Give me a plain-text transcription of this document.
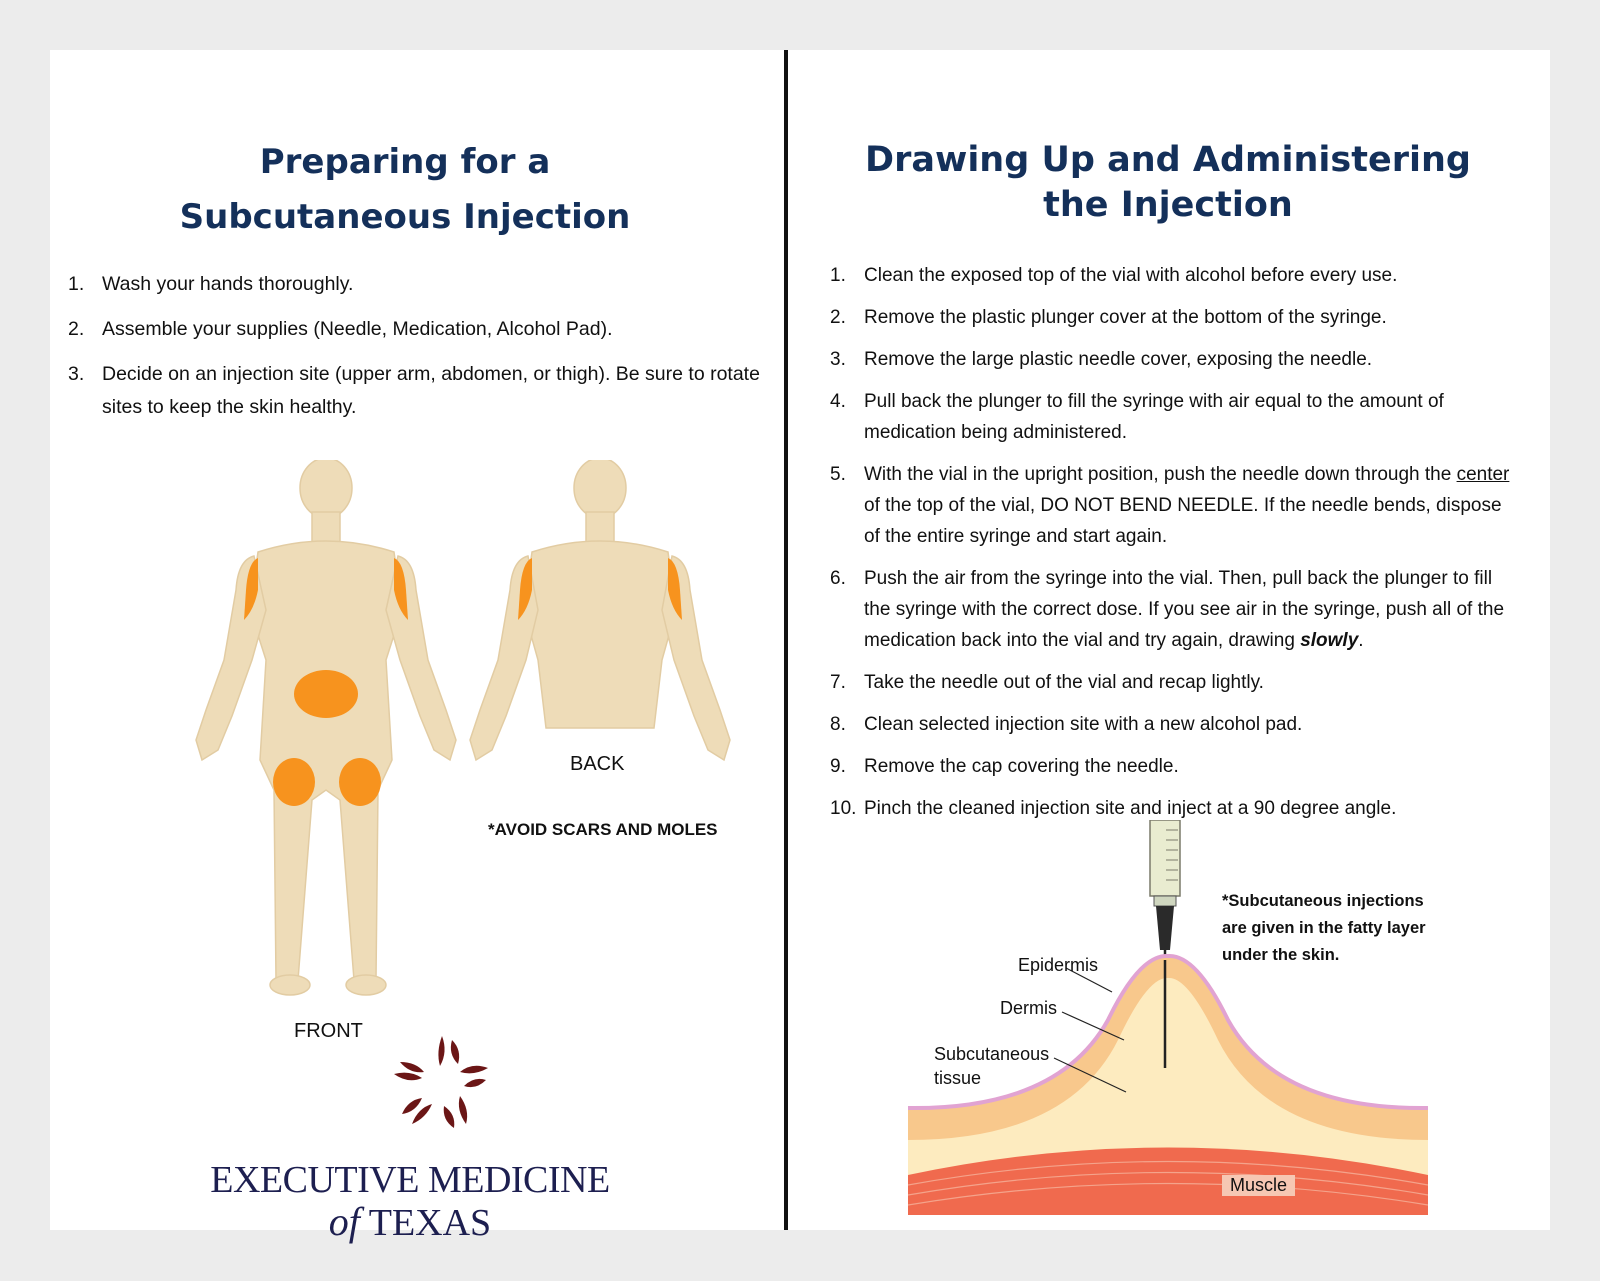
Preparing for a
Subcutaneous Injection
1. Wash your hands thoroughly.
2. Assemble your supplies (Needle, Medication, Alcohol Pad).
3. Decide on an injection site (upper arm, abdomen, or thigh). Be sure to rotate sites to keep the skin healthy.
BACK
*AVOID SCARS AND MOLES
FRONT
EXECUTIVE MEDICINE
of TEXAS
Drawing Up and Administering
the Injection
1. Clean the exposed top of the vial with alcohol before every use.
2. Remove the plastic plunger cover at the bottom of the syringe.
3. Remove the large plastic needle cover, exposing the needle.
4. Pull back the plunger to fill the syringe with air equal to the amount of medication being administered.
5. With the vial in the upright position, push the needle down through the center of the top of the vial, DO NOT BEND NEEDLE. If the needle bends, dispose of the entire syringe and start again.
6. Push the air from the syringe into the vial. Then, pull back the plunger to fill the syringe with the correct dose. If you see air in the syringe, push all of the medication back into the vial and try again, drawing slowly.
7. Take the needle out of the vial and recap lightly.
8. Clean selected injection site with a new alcohol pad.
9. Remove the cap covering the needle.
10. Pinch the cleaned injection site and inject at a 90 degree angle.
Epidermis
Dermis
Subcutaneous
tissue
Muscle
*Subcutaneous injections
are given in the fatty layer
under the skin.
